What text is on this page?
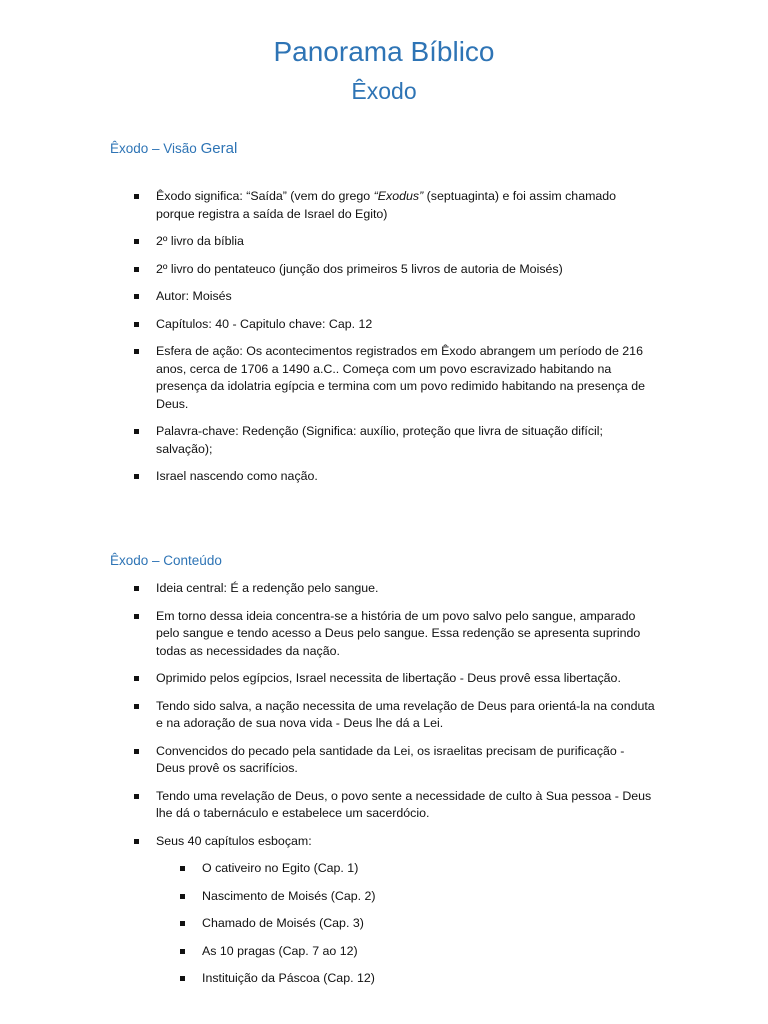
Panorama Bíblico
Êxodo
Êxodo – Visão Geral
Êxodo significa: “Saída” (vem do grego “Exodus” (septuaginta) e foi assim chamado porque registra a saída de Israel do Egito)
2º livro da bíblia
2º livro do pentateuco (junção dos primeiros 5 livros de autoria de Moisés)
Autor: Moisés
Capítulos: 40 - Capitulo chave: Cap. 12
Esfera de ação: Os acontecimentos registrados em Êxodo abrangem um período de 216 anos, cerca de 1706 a 1490 a.C.. Começa com um povo escravizado habitando na presença da idolatria egípcia e termina com um povo redimido habitando na presença de Deus.
Palavra-chave: Redenção (Significa: auxílio, proteção que livra de situação difícil; salvação);
Israel nascendo como nação.
Êxodo – Conteúdo
Ideia central: É a redenção pelo sangue.
Em torno dessa ideia concentra-se a história de um povo salvo pelo sangue, amparado pelo sangue e tendo acesso a Deus pelo sangue. Essa redenção se apresenta suprindo todas as necessidades da nação.
Oprimido pelos egípcios, Israel necessita de libertação - Deus provê essa libertação.
Tendo sido salva, a nação necessita de uma revelação de Deus para orientá-la na conduta e na adoração de sua nova vida - Deus lhe dá a Lei.
Convencidos do pecado pela santidade da Lei, os israelitas precisam de purificação - Deus provê os sacrifícios.
Tendo uma revelação de Deus, o povo sente a necessidade de culto à Sua pessoa - Deus lhe dá o tabernáculo e estabelece um sacerdócio.
Seus 40 capítulos esboçam:
O cativeiro no Egito (Cap. 1)
Nascimento de Moisés (Cap. 2)
Chamado de Moisés (Cap. 3)
As 10 pragas (Cap. 7 ao 12)
Instituição da Páscoa (Cap. 12)
